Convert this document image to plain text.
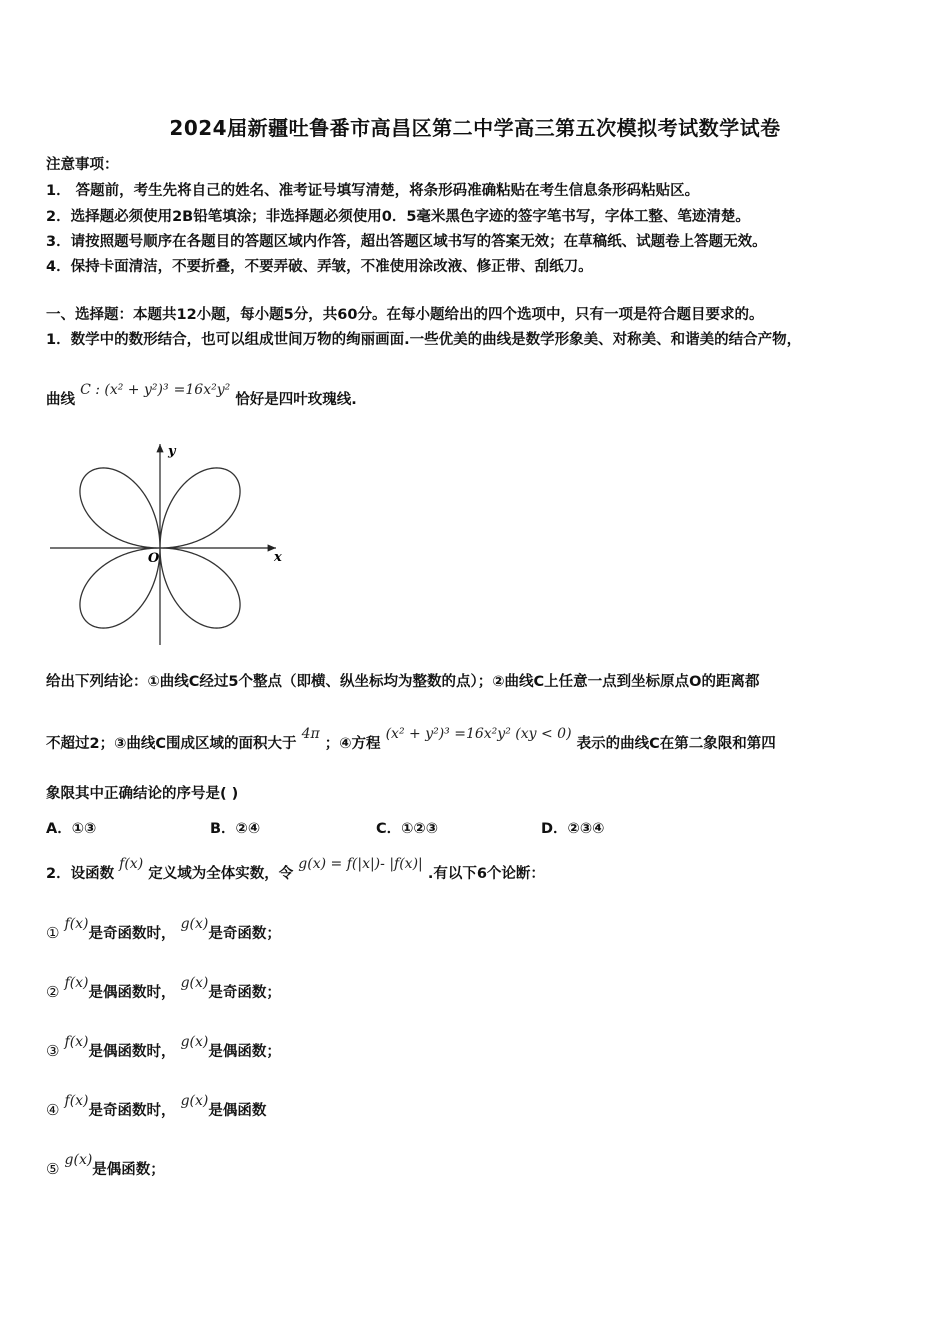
2024届新疆吐鲁番市高昌区第二中学高三第五次模拟考试数学试卷
注意事项：
1． 答题前，考生先将自己的姓名、准考证号填写清楚，将条形码准确粘贴在考生信息条形码粘贴区。
2．选择题必须使用2B铅笔填涂；非选择题必须使用0．5毫米黑色字迹的签字笔书写，字体工整、笔迹清楚。
3．请按照题号顺序在各题目的答题区域内作答，超出答题区域书写的答案无效；在草稿纸、试题卷上答题无效。
4．保持卡面清洁，不要折叠，不要弄破、弄皱，不准使用涂改液、修正带、刮纸刀。
一、选择题：本题共12小题，每小题5分，共60分。在每小题给出的四个选项中，只有一项是符合题目要求的。
1．数学中的数形结合，也可以组成世间万物的绚丽画面.一些优美的曲线是数学形象美、对称美、和谐美的结合产物，
曲线 C : (x² + y²)³ =16x²y² 恰好是四叶玫瑰线.
x
y
O
给出下列结论：①曲线C经过5个整点（即横、纵坐标均为整数的点）；②曲线C上任意一点到坐标原点O的距离都
不超过2；③曲线C围成区域的面积大于 4π ；④方程 (x² + y²)³ =16x²y² (xy < 0) 表示的曲线C在第二象限和第四
象限其中正确结论的序号是( )
A．①③	B．②④	C．①②③	D．②③④
2．设函数 f(x) 定义域为全体实数，令 g(x) = f(|x|)- |f(x)| .有以下6个论断：
① f(x)是奇函数时， g(x)是奇函数；
② f(x)是偶函数时， g(x)是奇函数；
③ f(x)是偶函数时， g(x)是偶函数；
④ f(x)是奇函数时， g(x)是偶函数
⑤ g(x)是偶函数；
